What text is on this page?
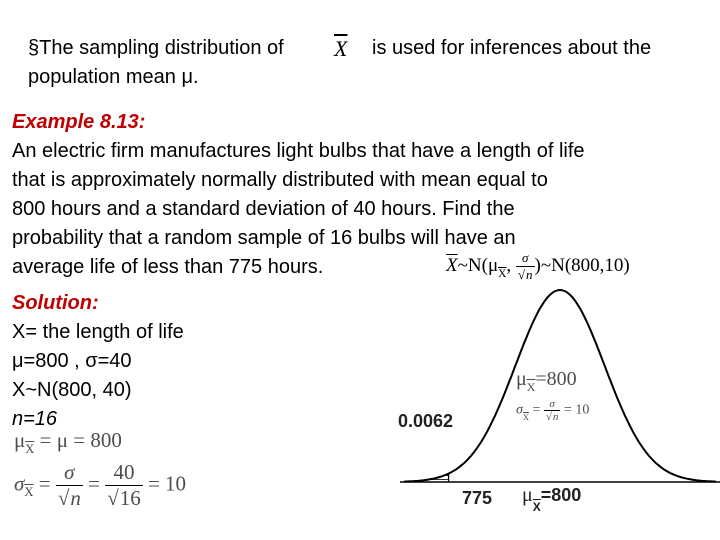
§The sampling distribution of $\overline{X}$ is used for inferences about the
population mean μ.
Example 8.13:
An electric firm manufactures light bulbs that have a length of life
that is approximately normally distributed with mean equal to
800 hours and a standard deviation of 40 hours. Find the
probability that a random sample of 16 bulbs will have an
average life of less than 775 hours.	$\overline{X}\sim N(\mu_{\overline{X}}$, $\frac{\sigma}{√n}$ )~N(800,10)
Solution:
X= the length of life
μ=800 , σ=40
X~N(800, 40)
n=16
$\mu_{\overline{X}} = \mu = 800$
$\sigma_{\overline{X}} = \frac{\sigma}{√n} = \frac{40}{√16} = 10$
$\mu_{\overline{X}}=800$
$\sigma_{\overline{X}} = \frac{\sigma}{√n} = 10$
0.0062
775 $\mu_{\overline{X}}=800$
